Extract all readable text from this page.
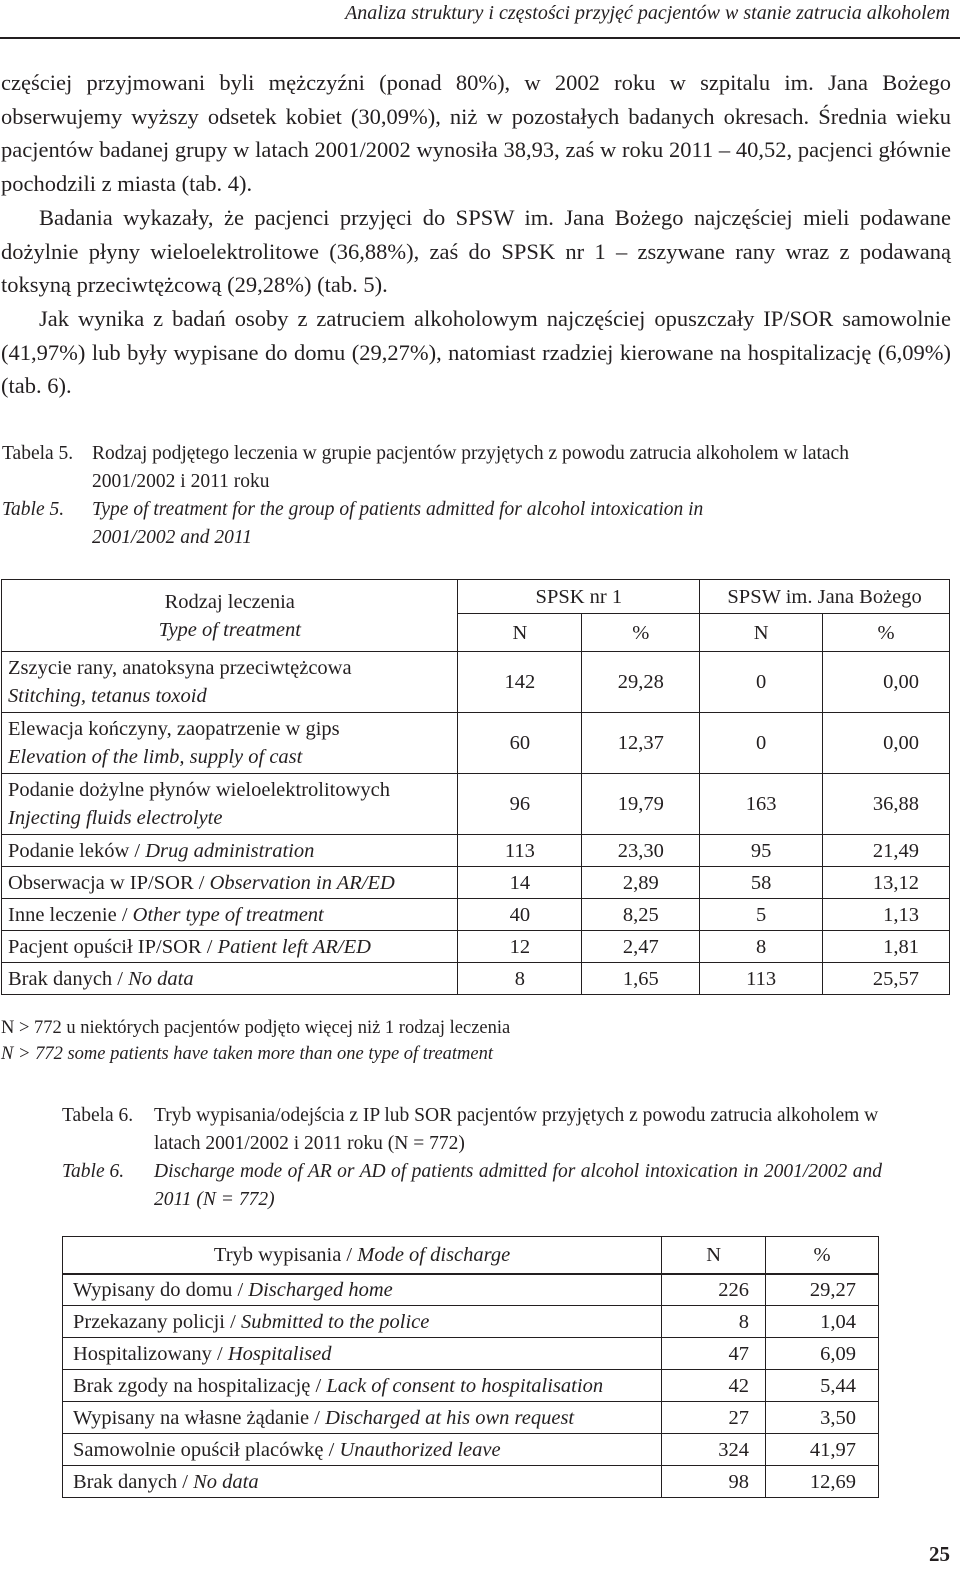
Analiza struktury i częstości przyjęć pacjentów w stanie zatrucia alkoholem

częściej przyjmowani byli mężczyźni (ponad 80%), w 2002 roku w szpitalu im. Jana Bożego obserwujemy wyższy odsetek kobiet (30,09%), niż w pozostałych badanych okresach. Średnia wieku pacjentów badanej grupy w latach 2001/2002 wynosiła 38,93, zaś w roku 2011 – 40,52, pacjenci głównie pochodzili z miasta (tab. 4).

Badania wykazały, że pacjenci przyjęci do SPSW im. Jana Bożego najczęściej mieli podawane dożylnie płyny wieloelektrolitowe (36,88%), zaś do SPSK nr 1 – zszywane rany wraz z podawaną toksyną przeciwtężcową (29,28%) (tab. 5).

Jak wynika z badań osoby z zatruciem alkoholowym najczęściej opuszczały IP/SOR samowolnie (41,97%) lub były wypisane do domu (29,27%), natomiast rzadziej kierowane na hospitalizację (6,09%) (tab. 6).

Tabela 5. Rodzaj podjętego leczenia w grupie pacjentów przyjętych z powodu zatrucia alkoholem w latach 2001/2002 i 2011 roku
Table 5.	Type of treatment for the group of patients admitted for alcohol intoxication in 2001/2002 and 2011
Rodzaj leczenia
Type of treatment	SPSK nr 1		SPSW im. Jana Bożego	
	N	%	N	%

Zszycie rany, anatoksyna przeciwtężcowa
Stitching, tetanus toxoid	142	29,28	0	0,00

Elewacja kończyny, zaopatrzenie w gips
Elevation of the limb, supply of cast	60	12,37	0	0,00

Podanie dożylne płynów wieloelektrolitowych
Injecting fluids electrolyte	96	19,79	163	36,88
Podanie leków / Drug administration	113	23,30	95	21,49
Obserwacja w IP/SOR / Observation in AR/ED	14	2,89	58	13,12
Inne leczenie / Other type of treatment	40	8,25	5	1,13
Pacjent opuścił IP/SOR / Patient left AR/ED	12	2,47	8	1,81
Brak danych / No data	8	1,65	113	25,57
N > 772 u niektórych pacjentów podjęto więcej niż 1 rodzaj leczenia
N > 772 some patients have taken more than one type of treatment
Tabela 6.	Tryb wypisania/odejścia z IP lub SOR pacjentów przyjętych z powodu zatrucia alkoholem w latach 2001/2002 i 2011 roku (N = 772)
Table 6.	Discharge mode of AR or AD of patients admitted for alcohol intoxication in 2001/2002 and 2011 (N = 772)
Tryb wypisania / Mode of discharge	N	%
Wypisany do domu / Discharged home	226	29,27
Przekazany policji / Submitted to the police	8	1,04
Hospitalizowany / Hospitalised	47	6,09
Brak zgody na hospitalizację / Lack of consent to hospitalisation	42	5,44
Wypisany na własne żądanie / Discharged at his own request	27	3,50
Samowolnie opuścił placówkę / Unauthorized leave	324	41,97
Brak danych / No data	98	12,69
25
